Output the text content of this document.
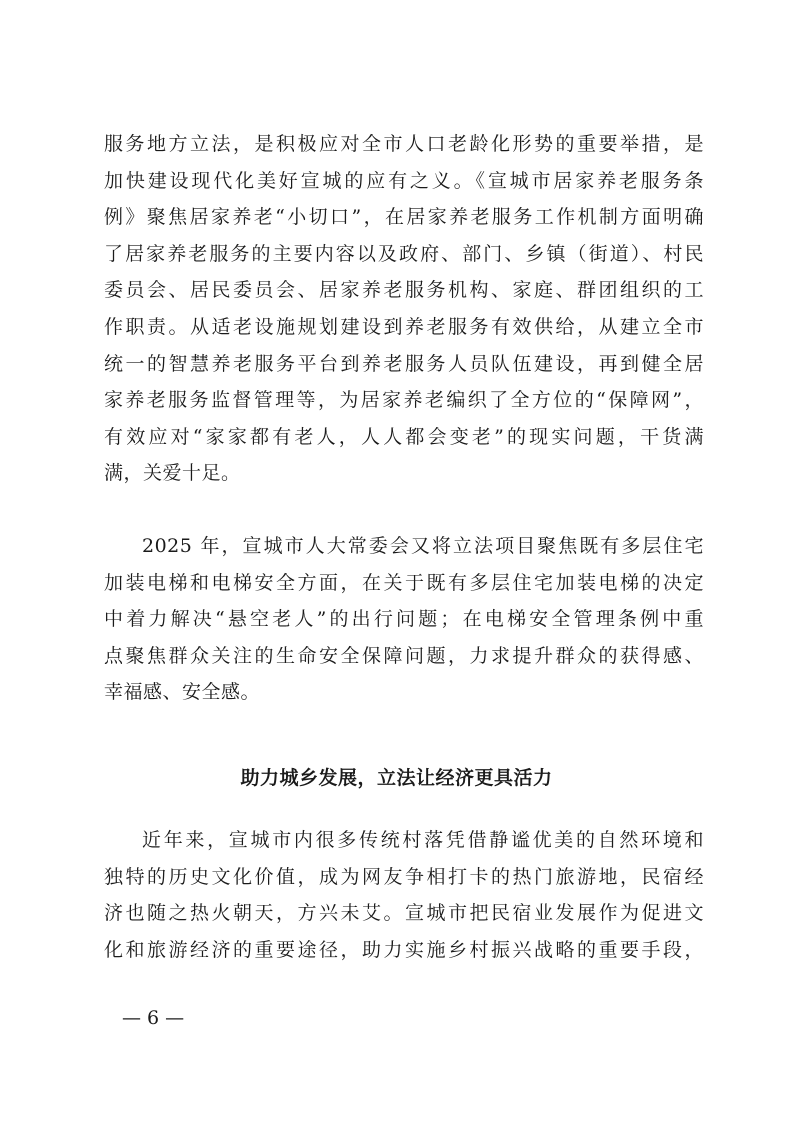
服务地方立法，是积极应对全市人口老龄化形势的重要举措，是
加快建设现代化美好宣城的应有之义。《宣城市居家养老服务条
例》聚焦居家养老“小切口”，在居家养老服务工作机制方面明确
了居家养老服务的主要内容以及政府、部门、乡镇（街道）、村民
委员会、居民委员会、居家养老服务机构、家庭、群团组织的工
作职责。从适老设施规划建设到养老服务有效供给，从建立全市
统一的智慧养老服务平台到养老服务人员队伍建设，再到健全居
家养老服务监督管理等，为居家养老编织了全方位的“保障网”，
有效应对“家家都有老人，人人都会变老”的现实问题，干货满
满，关爱十足。
2025 年，宣城市人大常委会又将立法项目聚焦既有多层住宅
加装电梯和电梯安全方面，在关于既有多层住宅加装电梯的决定
中着力解决“悬空老人”的出行问题；在电梯安全管理条例中重
点聚焦群众关注的生命安全保障问题，力求提升群众的获得感、
幸福感、安全感。
助力城乡发展，立法让经济更具活力
近年来，宣城市内很多传统村落凭借静谧优美的自然环境和
独特的历史文化价值，成为网友争相打卡的热门旅游地，民宿经
济也随之热火朝天，方兴未艾。宣城市把民宿业发展作为促进文
化和旅游经济的重要途径，助力实施乡村振兴战略的重要手段，
— 6 —
